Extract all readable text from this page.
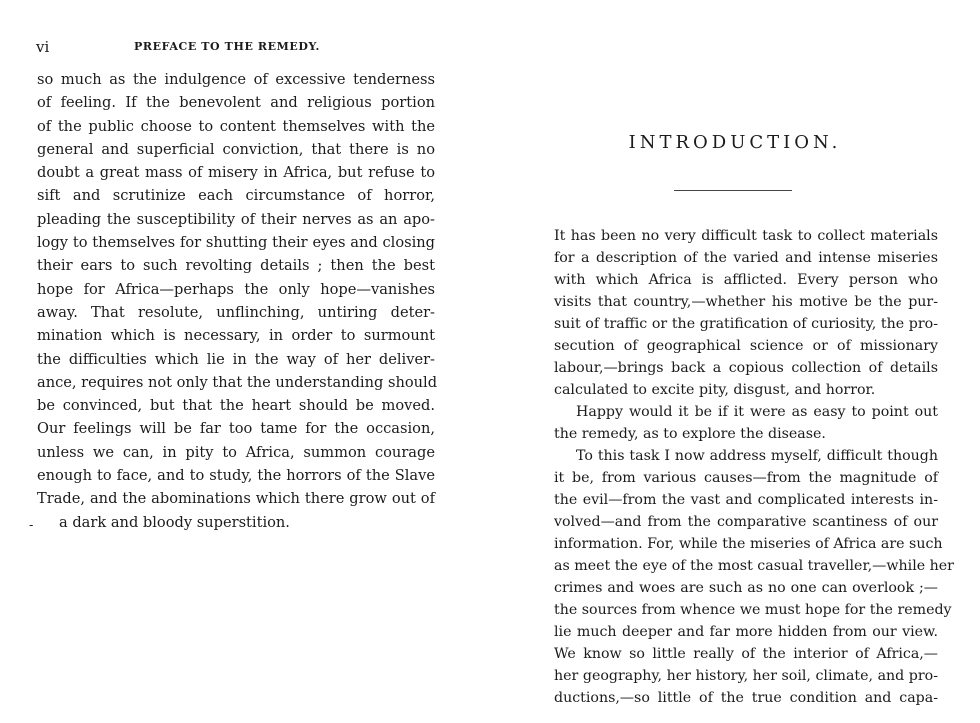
vi	PREFACE TO THE REMEDY.
-
so much as the indulgence of excessive tenderness
of feeling. If the benevolent and religious portion
of the public choose to content themselves with the
general and superficial conviction, that there is no
doubt a great mass of misery in Africa, but refuse to
sift and scrutinize each circumstance of horror,
pleading the susceptibility of their nerves as an apo-
logy to themselves for shutting their eyes and closing
their ears to such revolting details ; then the best
hope for Africa—perhaps the only hope—vanishes
away. That resolute, unflinching, untiring deter-
mination which is necessary, in order to surmount
the difficulties which lie in the way of her deliver-
ance, requires not only that the understanding should
be convinced, but that the heart should be moved.
Our feelings will be far too tame for the occasion,
unless we can, in pity to Africa, summon courage
enough to face, and to study, the horrors of the Slave
Trade, and the abominations which there grow out of
a dark and bloody superstition.
INTRODUCTION.
It has been no very difficult task to collect materials
for a description of the varied and intense miseries
with which Africa is afflicted. Every person who
visits that country,—whether his motive be the pur-
suit of traffic or the gratification of curiosity, the pro-
secution of geographical science or of missionary
labour,—brings back a copious collection of details
calculated to excite pity, disgust, and horror.
Happy would it be if it were as easy to point out
the remedy, as to explore the disease.
To this task I now address myself, difficult though
it be, from various causes—from the magnitude of
the evil—from the vast and complicated interests in-
volved—and from the comparative scantiness of our
information. For, while the miseries of Africa are such
as meet the eye of the most casual traveller,—while her
crimes and woes are such as no one can overlook ;—
the sources from whence we must hope for the remedy
lie much deeper and far more hidden from our view.
We know so little really of the interior of Africa,—
her geography, her history, her soil, climate, and pro-
ductions,—so little of the true condition and capa-
